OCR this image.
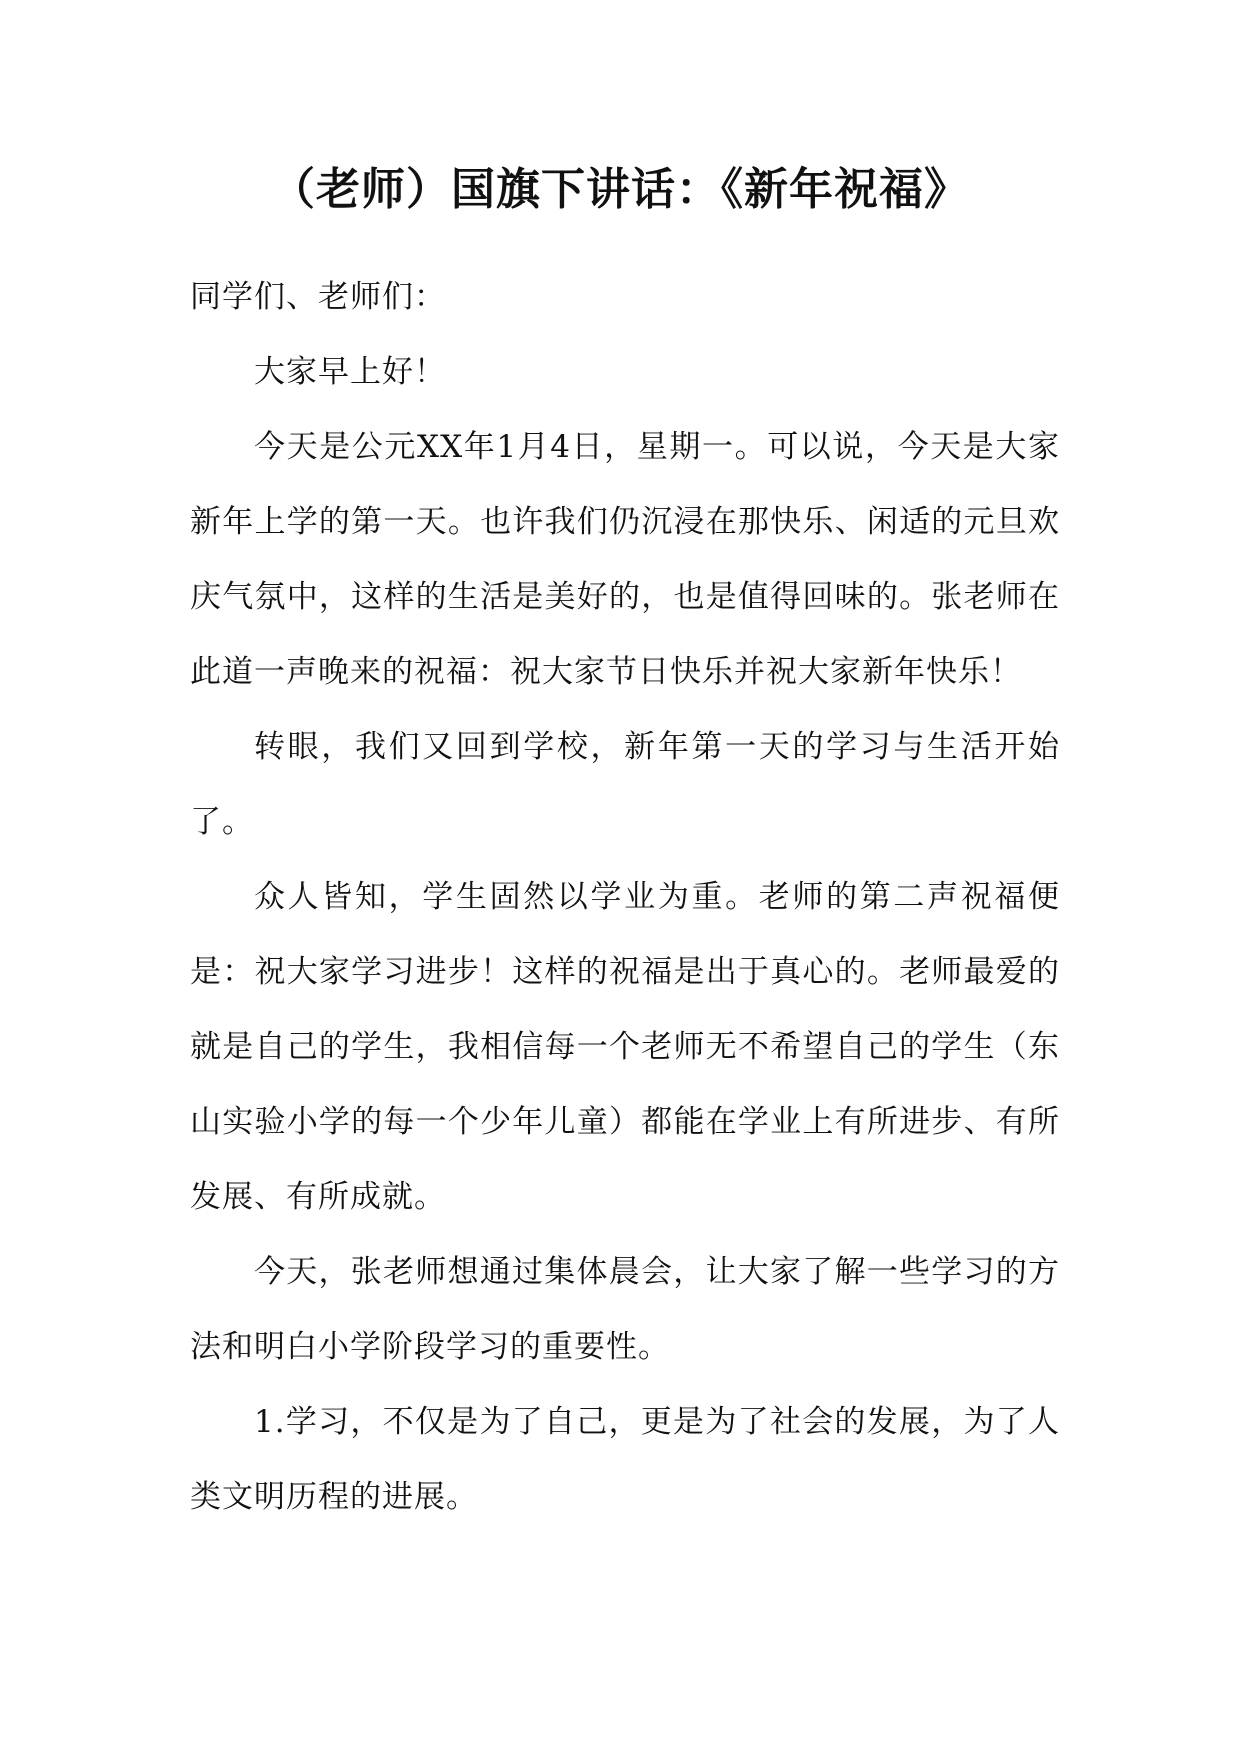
（老师）国旗下讲话：《新年祝福》

同学们、老师们：

大家早上好！

今天是公元XX年1月4日，星期一。可以说，今天是大家新年上学的第一天。也许我们仍沉浸在那快乐、闲适的元旦欢庆气氛中，这样的生活是美好的，也是值得回味的。张老师在此道一声晚来的祝福：祝大家节日快乐并祝大家新年快乐！

转眼，我们又回到学校，新年第一天的学习与生活开始了。

众人皆知，学生固然以学业为重。老师的第二声祝福便是：祝大家学习进步！这样的祝福是出于真心的。老师最爱的就是自己的学生，我相信每一个老师无不希望自己的学生（东山实验小学的每一个少年儿童）都能在学业上有所进步、有所发展、有所成就。

今天，张老师想通过集体晨会，让大家了解一些学习的方法和明白小学阶段学习的重要性。

1.学习，不仅是为了自己，更是为了社会的发展，为了人类文明历程的进展。
